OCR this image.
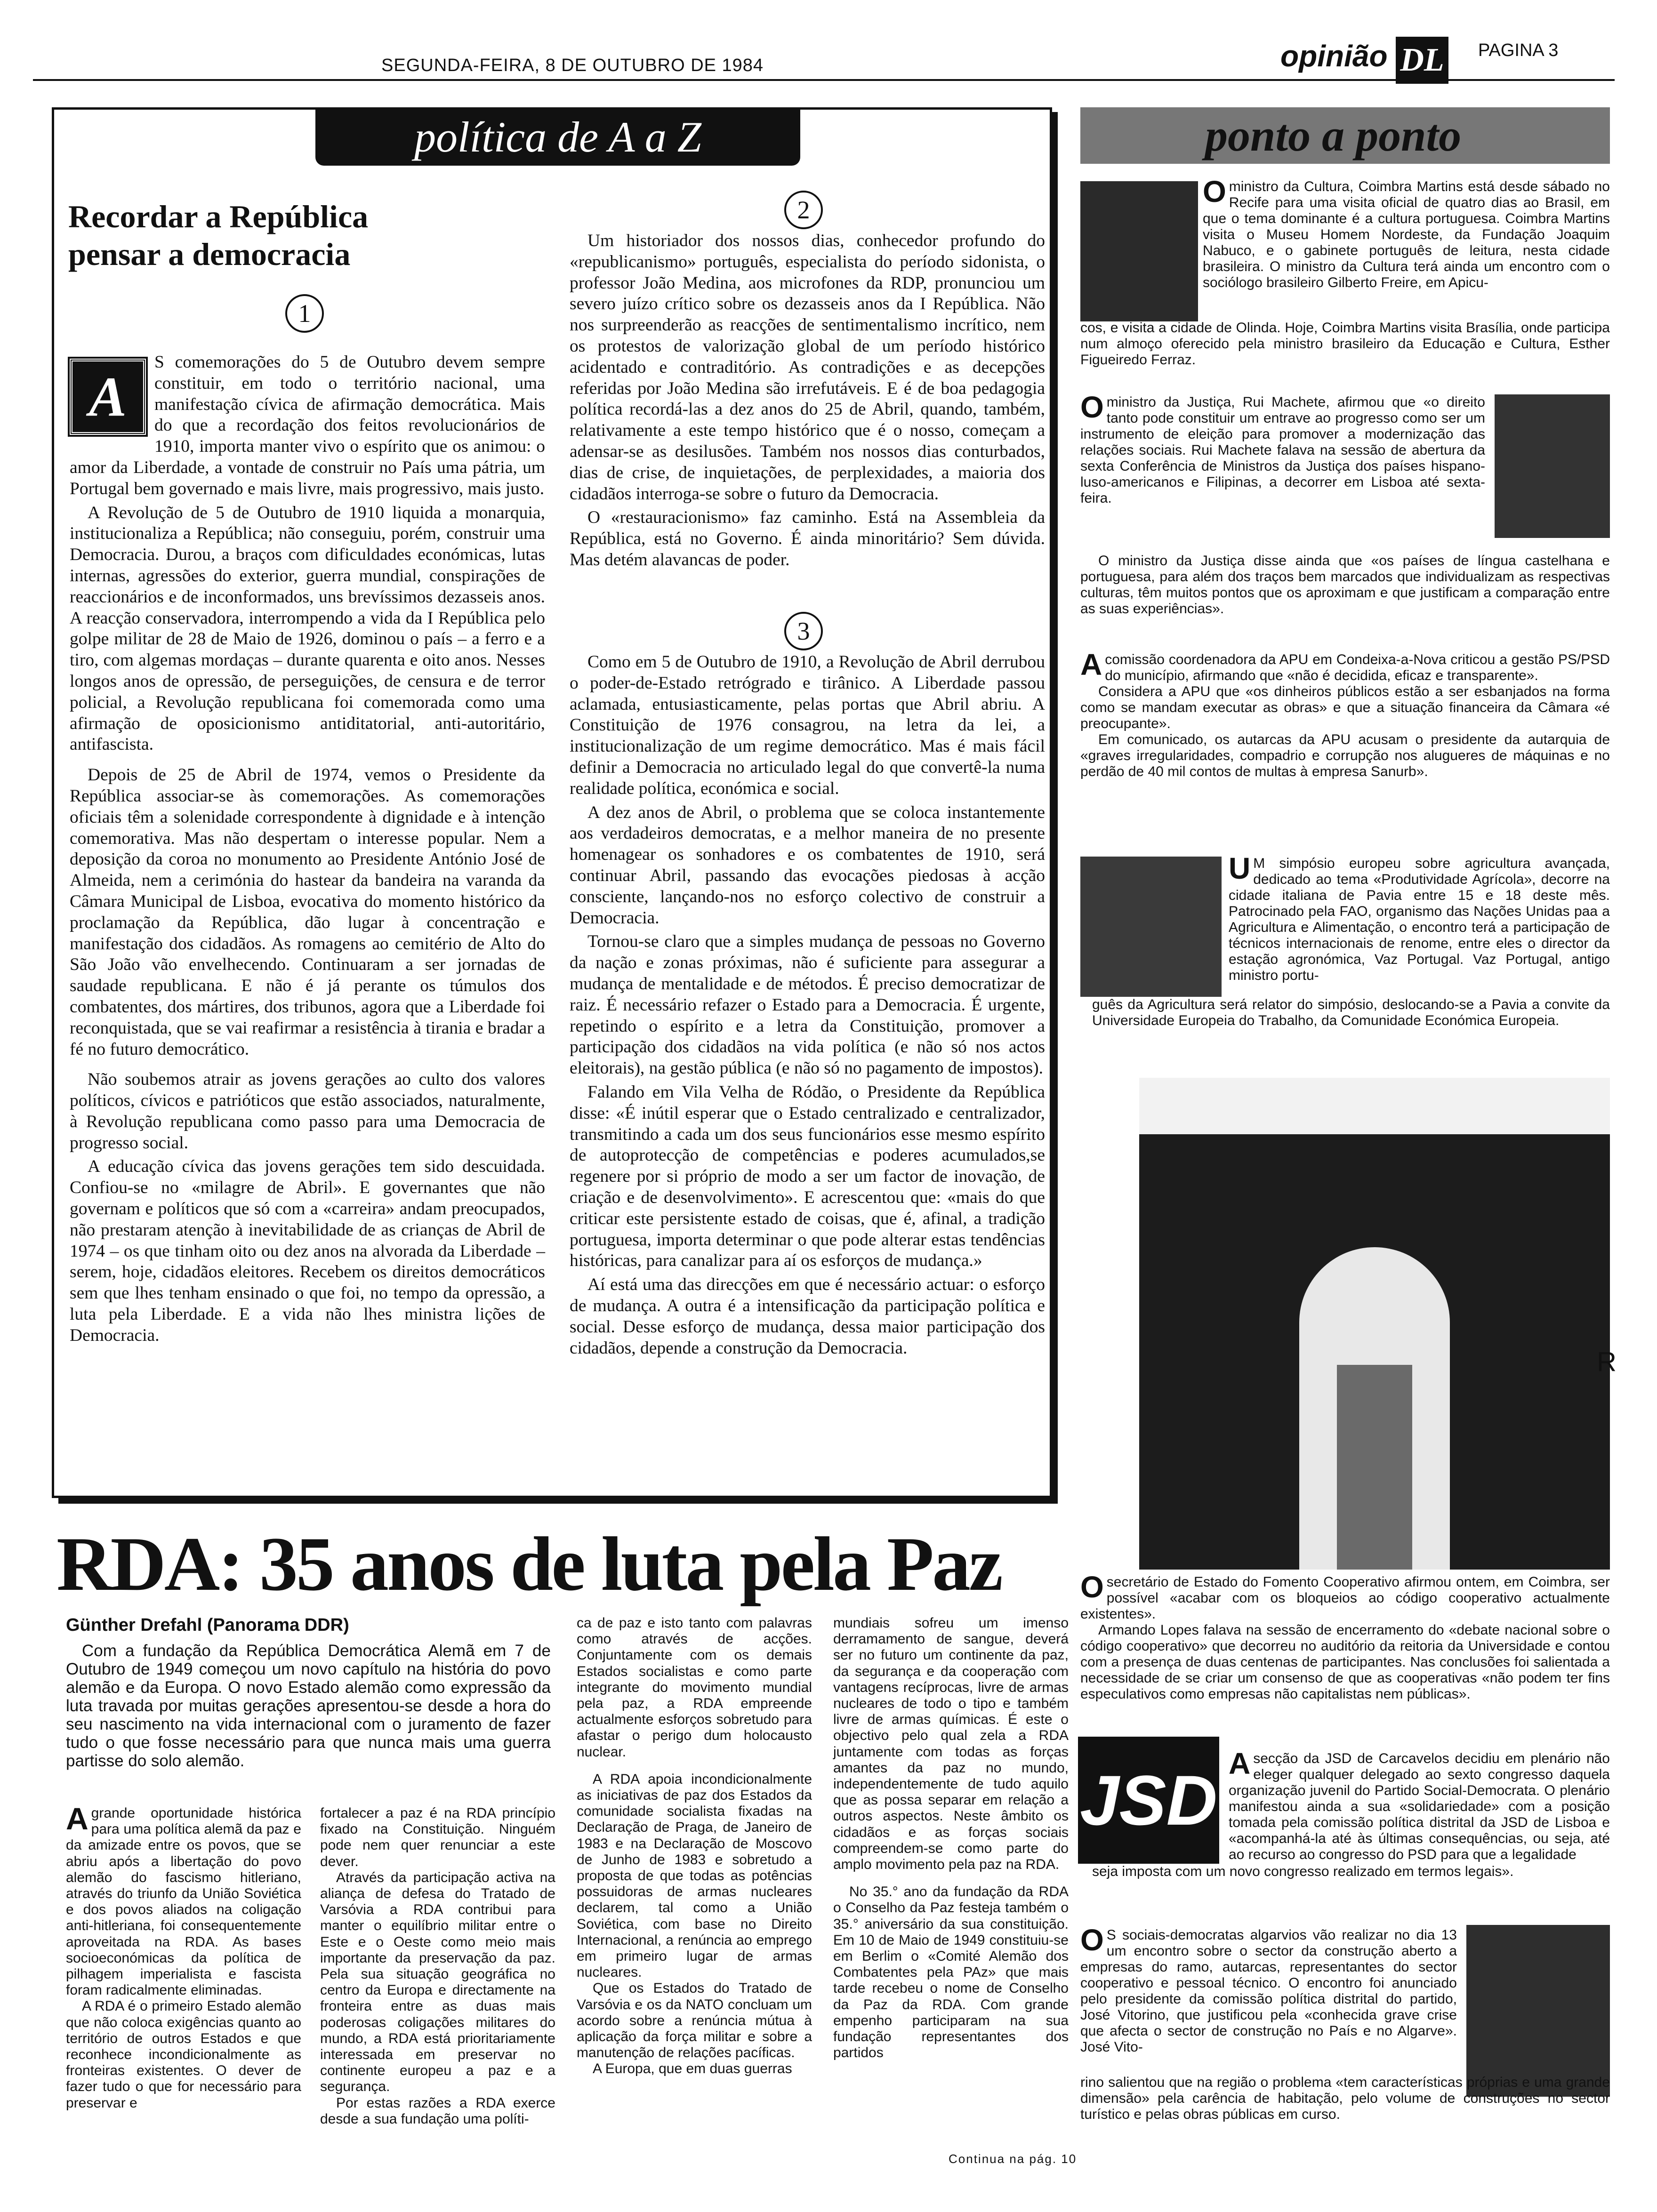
SEGUNDA-FEIRA, 8 DE OUTUBRO DE 1984	opinião DL PAGINA 3
política de A a Z
Recordar a República
pensar a democracia
1
2
3

S comemorações do 5 de Outubro devem sempre constituir, em todo o território nacional, uma manifestação cívica de afirmação democrática. Mais do que a recordação dos feitos revolucionários de 1910, importa manter vivo o espírito que os animou: o amor da Liberdade, a vontade de construir no País uma pátria, um Portugal bem governado e mais livre, mais progressivo, mais justo.

A Revolução de 5 de Outubro de 1910 liquida a monarquia, institucionaliza a República; não conseguiu, porém, construir uma Democracia. Durou, a braços com dificuldades económicas, lutas internas, agressões do exterior, guerra mundial, conspirações de reaccionários e de inconformados, uns brevíssimos dezasseis anos. A reacção conservadora, interrompendo a vida da I República pelo golpe militar de 28 de Maio de 1926, dominou o país – a ferro e a tiro, com algemas mordaças – durante quarenta e oito anos. Nesses longos anos de opressão, de perseguições, de censura e de terror policial, a Revolução republicana foi comemorada como uma afirmação de oposicionismo antiditatorial, anti-autoritário, antifascista.

Depois de 25 de Abril de 1974, vemos o Presidente da República associar-se às comemorações. As comemorações oficiais têm a solenidade correspondente à dignidade e à intenção comemorativa. Mas não despertam o interesse popular. Nem a deposição da coroa no monumento ao Presidente António José de Almeida, nem a cerimónia do hastear da bandeira na varanda da Câmara Municipal de Lisboa, evocativa do momento histórico da proclamação da República, dão lugar à concentração e manifestação dos cidadãos. As romagens ao cemitério de Alto do São João vão envelhecendo. Continuaram a ser jornadas de saudade republicana. E não é já perante os túmulos dos combatentes, dos mártires, dos tribunos, agora que a Liberdade foi reconquistada, que se vai reafirmar a resistência à tirania e bradar a fé no futuro democrático.

Não soubemos atrair as jovens gerações ao culto dos valores políticos, cívicos e patrióticos que estão associados, naturalmente, à Revolução republicana como passo para uma Democracia de progresso social.

A educação cívica das jovens gerações tem sido descuidada. Confiou-se no «milagre de Abril». E governantes que não governam e políticos que só com a «carreira» andam preocupados, não prestaram atenção à inevitabilidade de as crianças de Abril de 1974 – os que tinham oito ou dez anos na alvorada da Liberdade – serem, hoje, cidadãos eleitores. Recebem os direitos democráticos sem que lhes tenham ensinado o que foi, no tempo da opressão, a luta pela Liberdade. E a vida não lhes ministra lições de Democracia.

A

Um historiador dos nossos dias, conhecedor profundo do «republicanismo» português, especialista do período sidonista, o professor João Medina, aos microfones da RDP, pronunciou um severo juízo crítico sobre os dezasseis anos da I República. Não nos surpreenderão as reacções de sentimentalismo incrítico, nem os protestos de valorização global de um período histórico acidentado e contraditório. As contradições e as decepções referidas por João Medina são irrefutáveis. E é de boa pedagogia política recordá-las a dez anos do 25 de Abril, quando, também, relativamente a este tempo histórico que é o nosso, começam a adensar-se as desilusões. Também nos nossos dias conturbados, dias de crise, de inquietações, de perplexidades, a maioria dos cidadãos interroga-se sobre o futuro da Democracia.

O «restauracionismo» faz caminho. Está na Assembleia da República, está no Governo. É ainda minoritário? Sem dúvida. Mas detém alavancas de poder.

Como em 5 de Outubro de 1910, a Revolução de Abril derrubou o poder-de-Estado retrógrado e tirânico. A Liberdade passou aclamada, entusiasticamente, pelas portas que Abril abriu. A Constituição de 1976 consagrou, na letra da lei, a institucionalização de um regime democrático. Mas é mais fácil definir a Democracia no articulado legal do que convertê-la numa realidade política, económica e social.

A dez anos de Abril, o problema que se coloca instantemente aos verdadeiros democratas, e a melhor maneira de no presente homenagear os sonhadores e os combatentes de 1910, será continuar Abril, passando das evocações piedosas à acção consciente, lançando-nos no esforço colectivo de construir a Democracia.

Tornou-se claro que a simples mudança de pessoas no Governo da nação e zonas próximas, não é suficiente para assegurar a mudança de mentalidade e de métodos. É preciso democratizar de raiz. É necessário refazer o Estado para a Democracia. É urgente, repetindo o espírito e a letra da Constituição, promover a participação dos cidadãos na vida política (e não só nos actos eleitorais), na gestão pública (e não só no pagamento de impostos).

Falando em Vila Velha de Ródão, o Presidente da República disse: «É inútil esperar que o Estado centralizado e centralizador, transmitindo a cada um dos seus funcionários esse mesmo espírito de autoprotecção de competências e poderes acumulados,se regenere por si próprio de modo a ser um factor de inovação, de criação e de desenvolvimento». E acrescentou que: «mais do que criticar este persistente estado de coisas, que é, afinal, a tradição portuguesa, importa determinar o que pode alterar estas tendências históricas, para canalizar para aí os esforços de mudança.»

Aí está uma das direcções em que é necessário actuar: o esforço de mudança. A outra é a intensificação da participação política e social. Desse esforço de mudança, dessa maior participação dos cidadãos, depende a construção da Democracia.

ponto a ponto

O ministro da Cultura, Coimbra Martins está desde sábado no Recife para uma visita oficial de quatro dias ao Brasil, em que o tema dominante é a cultura portuguesa. Coimbra Martins visita o Museu Homem Nordeste, da Fundação Joaquim Nabuco, e o gabinete português de leitura, nesta cidade brasileira. O ministro da Cultura terá ainda um encontro com o sociólogo brasileiro Gilberto Freire, em Apicu-

cos, e visita a cidade de Olinda. Hoje, Coimbra Martins visita Brasília, onde participa num almoço oferecido pela ministro brasileiro da Educação e Cultura, Esther Figueiredo Ferraz.

O ministro da Justiça, Rui Machete, afirmou que «o direito tanto pode constituir um entrave ao progresso como ser um instrumento de eleição para promover a modernização das relações sociais. Rui Machete falava na sessão de abertura da sexta Conferência de Ministros da Justiça dos países hispano-luso-americanos e Filipinas, a decorrer em Lisboa até sexta-feira.

O ministro da Justiça disse ainda que «os países de língua castelhana e portuguesa, para além dos traços bem marcados que individualizam as respectivas culturas, têm muitos pontos que os aproximam e que justificam a comparação entre as suas experiências».

A comissão coordenadora da APU em Condeixa-a-Nova criticou a gestão PS/PSD do município, afirmando que «não é decidida, eficaz e transparente».

Considera a APU que «os dinheiros públicos estão a ser esbanjados na forma como se mandam executar as obras» e que a situação financeira da Câmara «é preocupante».

Em comunicado, os autarcas da APU acusam o presidente da autarquia de «graves irregularidades, compadrio e corrupção nos alugueres de máquinas e no perdão de 40 mil contos de multas à empresa Sanurb».

U M simpósio europeu sobre agricultura avançada, dedicado ao tema «Produtividade Agrícola», decorre na cidade italiana de Pavia entre 15 e 18 deste mês. Patrocinado pela FAO, organismo das Nações Unidas paa a Agricultura e Alimentação, o encontro terá a participação de técnicos internacionais de renome, entre eles o director da estação agronómica, Vaz Portugal. Vaz Portugal, antigo ministro portu-

guês da Agricultura será relator do simpósio, deslocando-se a Pavia a convite da Universidade Europeia do Trabalho, da Comunidade Económica Europeia.

R

O secretário de Estado do Fomento Cooperativo afirmou ontem, em Coimbra, ser possível «acabar com os bloqueios ao código cooperativo actualmente existentes».

Armando Lopes falava na sessão de encerramento do «debate nacional sobre o código cooperativo» que decorreu no auditório da reitoria da Universidade e contou com a presença de duas centenas de participantes. Nas conclusões foi salientada a necessidade de se criar um consenso de que as cooperativas «não podem ter fins especulativos como empresas não capitalistas nem públicas».

JSD A secção da JSD de Carcavelos decidiu em plenário não eleger qualquer delegado ao sexto congresso daquela organização juvenil do Partido Social-Democrata. O plenário manifestou ainda a sua «solidariedade» com a posição tomada pela comissão política distrital da JSD de Lisboa e «acompanhá-la até às últimas consequências, ou seja, até ao recurso ao congresso do PSD para que a legalidade

seja imposta com um novo congresso realizado em termos legais».

O S sociais-democratas algarvios vão realizar no dia 13 um encontro sobre o sector da construção aberto a empresas do ramo, autarcas, representantes do sector cooperativo e pessoal técnico. O encontro foi anunciado pelo presidente da comissão política distrital do partido, José Vitorino, que justificou pela «conhecida grave crise que afecta o sector de construção no País e no Algarve». José Vito-

rino salientou que na região o problema «tem características próprias e uma grande dimensão» pela carência de habitação, pelo volume de construções no sector turístico e pelas obras públicas em curso.

RDA: 35 anos de luta pela Paz
Günther Drefahl (Panorama DDR)

Com a fundação da República Democrática Alemã em 7 de Outubro de 1949 começou um novo capítulo na história do povo alemão e da Europa. O novo Estado alemão como expressão da luta travada por muitas gerações apresentou-se desde a hora do seu nascimento na vida internacional com o juramento de fazer tudo o que fosse necessário para que nunca mais uma guerra partisse do solo alemão.

A grande oportunidade histórica para uma política alemã da paz e da amizade entre os povos, que se abriu após a libertação do povo alemão do fascismo hitleriano, através do triunfo da União Soviética e dos povos aliados na coligação anti-hitleriana, foi consequentemente aproveitada na RDA. As bases socioeconómicas da política de pilhagem imperialista e fascista foram radicalmente eliminadas.

A RDA é o primeiro Estado alemão que não coloca exigências quanto ao território de outros Estados e que reconhece incondicionalmente as fronteiras existentes. O dever de fazer tudo o que for necessário para preservar e

fortalecer a paz é na RDA princípio fixado na Constituição. Ninguém pode nem quer renunciar a este dever.

Através da participação activa na aliança de defesa do Tratado de Varsóvia a RDA contribui para manter o equilíbrio militar entre o Este e o Oeste como meio mais importante da preservação da paz. Pela sua situação geográfica no centro da Europa e directamente na fronteira entre as duas mais poderosas coligações militares do mundo, a RDA está prioritariamente interessada em preservar no continente europeu a paz e a segurança.

Por estas razões a RDA exerce desde a sua fundação uma políti-

ca de paz e isto tanto com palavras como através de acções. Conjuntamente com os demais Estados socialistas e como parte integrante do movimento mundial pela paz, a RDA empreende actualmente esforços sobretudo para afastar o perigo dum holocausto nuclear.

A RDA apoia incondicionalmente as iniciativas de paz dos Estados da comunidade socialista fixadas na Declaração de Praga, de Janeiro de 1983 e na Declaração de Moscovo de Junho de 1983 e sobretudo a proposta de que todas as potências possuidoras de armas nucleares declarem, tal como a União Soviética, com base no Direito Internacional, a renúncia ao emprego em primeiro lugar de armas nucleares.

Que os Estados do Tratado de Varsóvia e os da NATO concluam um acordo sobre a renúncia mútua à aplicação da força militar e sobre a manutenção de relações pacíficas.

A Europa, que em duas guerras

mundiais sofreu um imenso derramamento de sangue, deverá ser no futuro um continente da paz, da segurança e da cooperação com vantagens recíprocas, livre de armas nucleares de todo o tipo e também livre de armas químicas. É este o objectivo pelo qual zela a RDA juntamente com todas as forças amantes da paz no mundo, independentemente de tudo aquilo que as possa separar em relação a outros aspectos. Neste âmbito os cidadãos e as forças sociais compreendem-se como parte do amplo movimento pela paz na RDA.

No 35.° ano da fundação da RDA o Conselho da Paz festeja também o 35.° aniversário da sua constituição. Em 10 de Maio de 1949 constituiu-se em Berlim o «Comité Alemão dos Combatentes pela PAz» que mais tarde recebeu o nome de Conselho da Paz da RDA. Com grande empenho participaram na sua fundação representantes dos partidos

Continua na pág. 10
